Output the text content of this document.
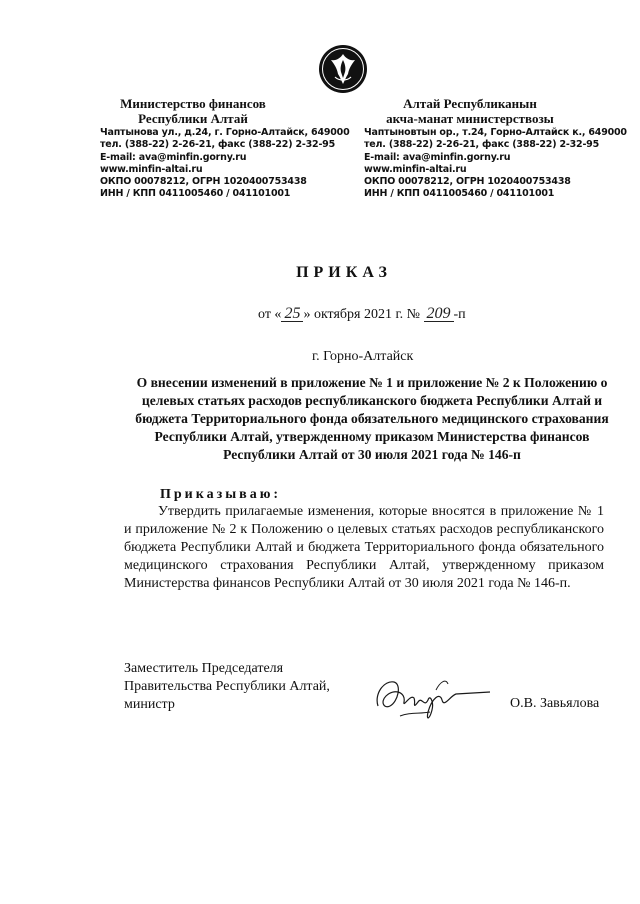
Министерство финансов
Республики Алтай
Алтай Республиканын
акча-манат министерствозы
Чаптынова ул., д.24, г. Горно-Алтайск, 649000
тел. (388-22) 2-26-21, факс (388-22) 2-32-95
E-mail: ava@minfin.gorny.ru
www.minfin-altai.ru
ОКПО 00078212, ОГРН 1020400753438
ИНН / КПП 0411005460 / 041101001
Чаптыновтын ор., т.24, Горно-Алтайск к., 649000
тел. (388-22) 2-26-21, факс (388-22) 2-32-95
E-mail: ava@minfin.gorny.ru
www.minfin-altai.ru
ОКПО 00078212, ОГРН 1020400753438
ИНН / КПП 0411005460 / 041101001
ПРИКАЗ
от « 25 » октября 2021 г. № 209 -п
г. Горно-Алтайск
О внесении изменений в приложение № 1 и приложение № 2 к Положению о целевых статьях расходов республиканского бюджета Республики Алтай и бюджета Территориального фонда обязательного медицинского страхования Республики Алтай, утвержденному приказом Министерства финансов Республики Алтай от 30 июля 2021 года № 146-п
Приказываю:
Утвердить прилагаемые изменения, которые вносятся в приложение № 1 и приложение № 2 к Положению о целевых статьях расходов республиканского бюджета Республики Алтай и бюджета Территориального фонда обязательного медицинского страхования Республики Алтай, утвержденному приказом Министерства финансов Республики Алтай от 30 июля 2021 года № 146-п.
Заместитель Председателя
Правительства Республики Алтай,
министр	О.В. Завьялова
